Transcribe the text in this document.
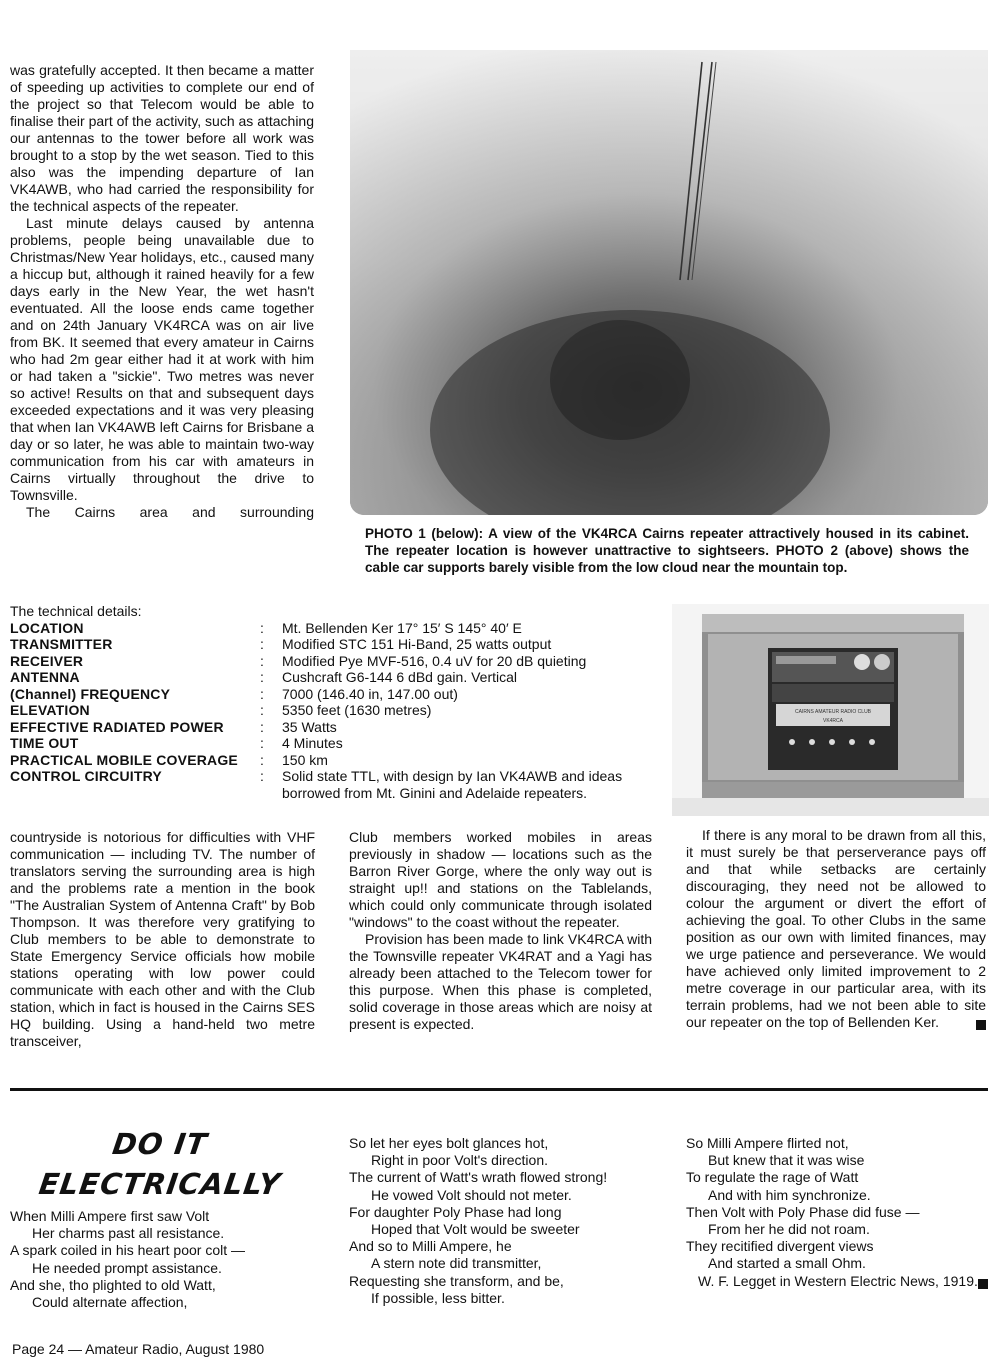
was gratefully accepted. It then became a matter of speeding up activities to complete our end of the project so that Telecom would be able to finalise their part of the activity, such as attaching our antennas to the tower before all work was brought to a stop by the wet season. Tied to this also was the impending departure of Ian VK4AWB, who had carried the responsibility for the technical aspects of the repeater.

Last minute delays caused by antenna problems, people being unavailable due to Christmas/New Year holidays, etc., caused many a hiccup but, although it rained heavily for a few days early in the New Year, the wet hasn't eventuated. All the loose ends came together and on 24th January VK4RCA was on air live from BK. It seemed that every amateur in Cairns who had 2m gear either had it at work with him or had taken a "sickie". Two metres was never so active! Results on that and subsequent days exceeded expectations and it was very pleasing that when Ian VK4AWB left Cairns for Brisbane a day or so later, he was able to maintain two-way communication from his car with amateurs in Cairns virtually throughout the drive to Townsville.

The Cairns area and surrounding

PHOTO 1 (below): A view of the VK4RCA Cairns repeater attractively housed in its cabinet. The repeater location is however unattractive to sightseers. PHOTO 2 (above) shows the cable car supports barely visible from the low cloud near the mountain top.

The technical details:

LOCATION	:	Mt. Bellenden Ker 17° 15′ S 145° 40′ E
TRANSMITTER	:	Modified STC 151 Hi-Band, 25 watts output
RECEIVER	:	Modified Pye MVF-516, 0.4 uV for 20 dB quieting
ANTENNA	:	Cushcraft G6-144 6 dBd gain. Vertical
(Channel) FREQUENCY	:	7000 (146.40 in, 147.00 out)
ELEVATION	:	5350 feet (1630 metres)
EFFECTIVE RADIATED POWER	:	35 Watts
TIME OUT	:	4 Minutes
PRACTICAL MOBILE COVERAGE	:	150 km
CONTROL CIRCUITRY	:	Solid state TTL, with design by Ian VK4AWB and ideas borrowed from Mt. Ginini and Adelaide repeaters.
CAIRNS AMATEUR RADIO CLUB
VK4RCA

countryside is notorious for difficulties with VHF communication — including TV. The number of translators serving the surrounding area is high and the problems rate a mention in the book "The Australian System of Antenna Craft" by Bob Thompson. It was therefore very gratifying to Club members to be able to demonstrate to State Emergency Service officials how mobile stations operating with low power could communicate with each other and with the Club station, which in fact is housed in the Cairns SES HQ building. Using a hand-held two metre transceiver,

Club members worked mobiles in areas previously in shadow — locations such as the Barron River Gorge, where the only way out is straight up!! and stations on the Tablelands, which could only communicate through isolated "windows" to the coast without the repeater.

Provision has been made to link VK4RCA with the Townsville repeater VK4RAT and a Yagi has already been attached to the Telecom tower for this purpose. When this phase is completed, solid coverage in those areas which are noisy at present is expected.

If there is any moral to be drawn from all this, it must surely be that perserverance pays off and that while setbacks are certainly discouraging, they need not be allowed to colour the argument or divert the effort of achieving the goal. To other Clubs in the same position as our own with limited finances, may we urge patience and perseverance. We would have achieved only limited improvement to 2 metre coverage in our particular area, with its terrain problems, had we not been able to site our repeater on the top of Bellenden Ker.

DO IT

ELECTRICALLY

When Milli Ampere first saw Volt

Her charms past all resistance.

A spark coiled in his heart poor colt —

He needed prompt assistance.

And she, tho plighted to old Watt,

Could alternate affection,

So let her eyes bolt glances hot,

Right in poor Volt's direction.

The current of Watt's wrath flowed strong!

He vowed Volt should not meter.

For daughter Poly Phase had long

Hoped that Volt would be sweeter

And so to Milli Ampere, he

A stern note did transmitter,

Requesting she transform, and be,

If possible, less bitter.

So Milli Ampere flirted not,

But knew that it was wise

To regulate the rage of Watt

And with him synchronize.

Then Volt with Poly Phase did fuse —

From her he did not roam.

They recitified divergent views

And started a small Ohm.

W. F. Legget in Western Electric News, 1919.

Page 24 — Amateur Radio, August 1980
